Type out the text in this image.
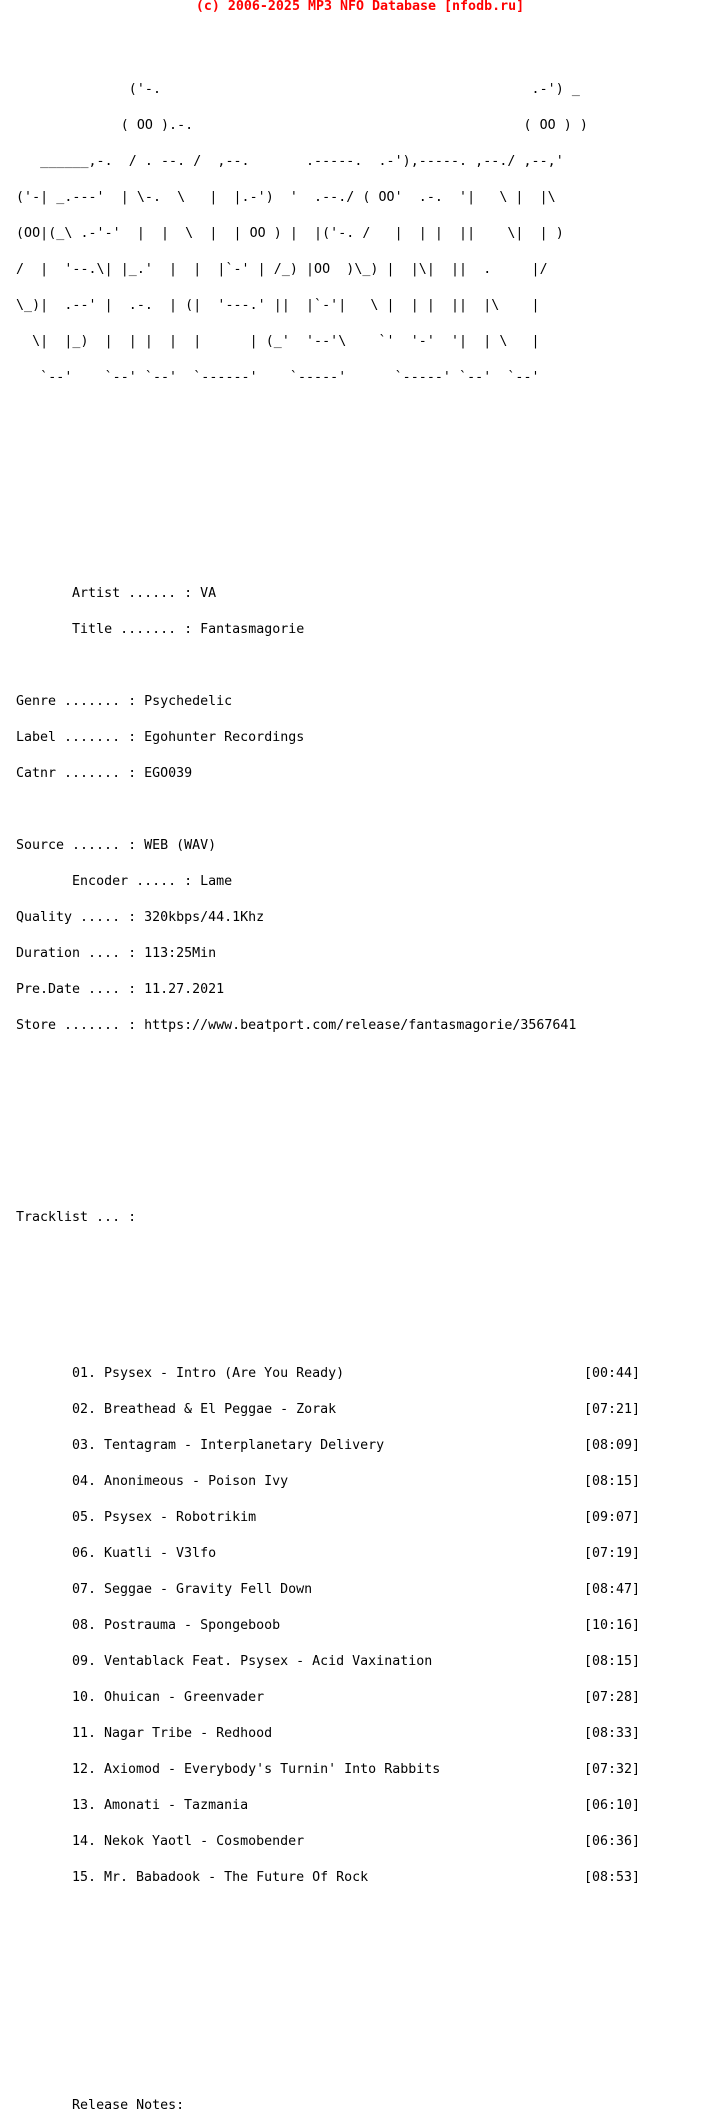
(c) 2006-2025 MP3 NFO Database [nfodb.ru]

('-.                                              .-') _

( OO ).-.                                         ( OO ) )

______,-.  / . --. /  ,--.       .-----.  .-'),-----. ,--./ ,--,'

('-| _.---'  | \-.  \   |  |.-')  '  .--./ ( OO'  .-.  '|   \ |  |\

(OO|(_\ .-'-'  |  |  \  |  | OO ) |  |('-. /   |  | |  ||    \|  | )

/  |  '--.\| |_.'  |  |  |`-' | /_) |OO  )\_) |  |\|  ||  .     |/

\_)|  .--' |  .-.  | (|  '---.' ||  |`-'|   \ |  | |  ||  |\    |

\|  |_)  |  | |  |  |      | (_'  '--'\    `'  '-'  '|  | \   |

`--'    `--' `--'  `------'    `-----'      `-----' `--'  `--'

Artist ...... : VA

Title ....... : Fantasmagorie

Genre ....... : Psychedelic

Label ....... : Egohunter Recordings

Catnr ....... : EGO039

Source ...... : WEB (WAV)

Encoder ..... : Lame

Quality ..... : 320kbps/44.1Khz

Duration .... : 113:25Min

Pre.Date .... : 11.27.2021

Store ....... : https://www.beatport.com/release/fantasmagorie/3567641

Tracklist ... :

01. Psysex - Intro (Are You Ready)	[00:44]

02. Breathead & El Peggae - Zorak	[07:21]

03. Tentagram - Interplanetary Delivery	[08:09]

04. Anonimeous - Poison Ivy	[08:15]

05. Psysex - Robotrikim	[09:07]

06. Kuatli - V3lfo	[07:19]

07. Seggae - Gravity Fell Down	[08:47]

08. Postrauma - Spongeboob	[10:16]

09. Ventablack Feat. Psysex - Acid Vaxination	[08:15]

10. Ohuican - Greenvader	[07:28]

11. Nagar Tribe - Redhood	[08:33]

12. Axiomod - Everybody's Turnin' Into Rabbits	[07:32]

13. Amonati - Tazmania	[06:10]

14. Nekok Yaotl - Cosmobender	[06:36]

15. Mr. Babadook - The Future Of Rock	[08:53]

Release Notes:
